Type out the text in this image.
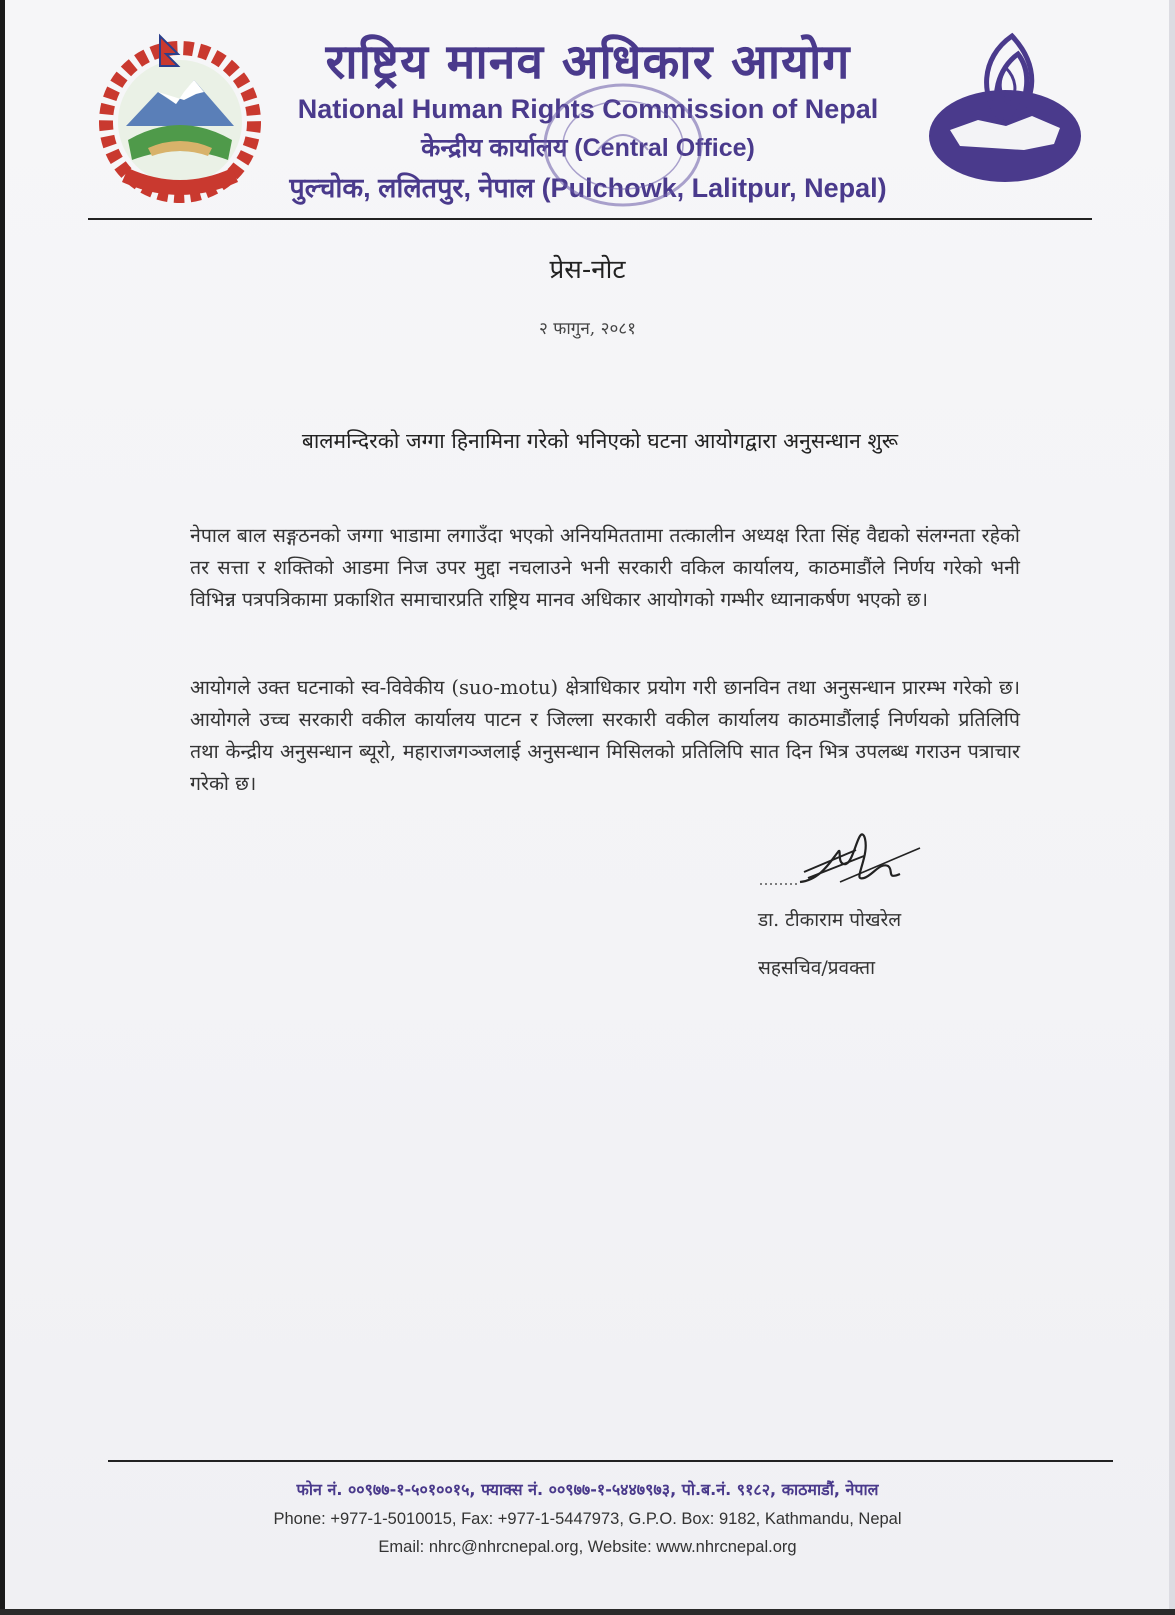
राष्ट्रिय मानव अधिकार आयोग
National Human Rights Commission of Nepal
केन्द्रीय कार्यालय (Central Office)
पुल्चोक, ललितपुर, नेपाल (Pulchowk, Lalitpur, Nepal)
प्रेस-नोट
२ फागुन, २०८१
बालमन्दिरको जग्गा हिनामिना गरेको भनिएको घटना आयोगद्वारा अनुसन्धान शुरू
नेपाल बाल सङ्गठनको जग्गा भाडामा लगाउँदा भएको अनियमिततामा तत्कालीन अध्यक्ष रिता सिंह वैद्यको संलग्नता रहेको तर सत्ता र शक्तिको आडमा निज उपर मुद्दा नचलाउने भनी सरकारी वकिल कार्यालय, काठमाडौंले निर्णय गरेको भनी विभिन्न पत्रपत्रिकामा प्रकाशित समाचारप्रति राष्ट्रिय मानव अधिकार आयोगको गम्भीर ध्यानाकर्षण भएको छ।
आयोगले उक्त घटनाको स्व-विवेकीय (suo-motu) क्षेत्राधिकार प्रयोग गरी छानविन तथा अनुसन्धान प्रारम्भ गरेको छ। आयोगले उच्च सरकारी वकील कार्यालय पाटन र जिल्ला सरकारी वकील कार्यालय काठमाडौंलाई निर्णयको प्रतिलिपि तथा केन्द्रीय अनुसन्धान ब्यूरो, महाराजगञ्जलाई अनुसन्धान मिसिलको प्रतिलिपि सात दिन भित्र उपलब्ध गराउन पत्राचार गरेको छ।
डा. टीकाराम पोखरेल
सहसचिव/प्रवक्ता
फोन नं. ००९७७-१-५०१००१५, फ्याक्स नं. ००९७७-१-५४४७९७३, पो.ब.नं. ९१८२, काठमाडौं, नेपाल
Phone: +977-1-5010015, Fax: +977-1-5447973, G.P.O. Box: 9182, Kathmandu, Nepal
Email: nhrc@nhrcnepal.org, Website: www.nhrcnepal.org
